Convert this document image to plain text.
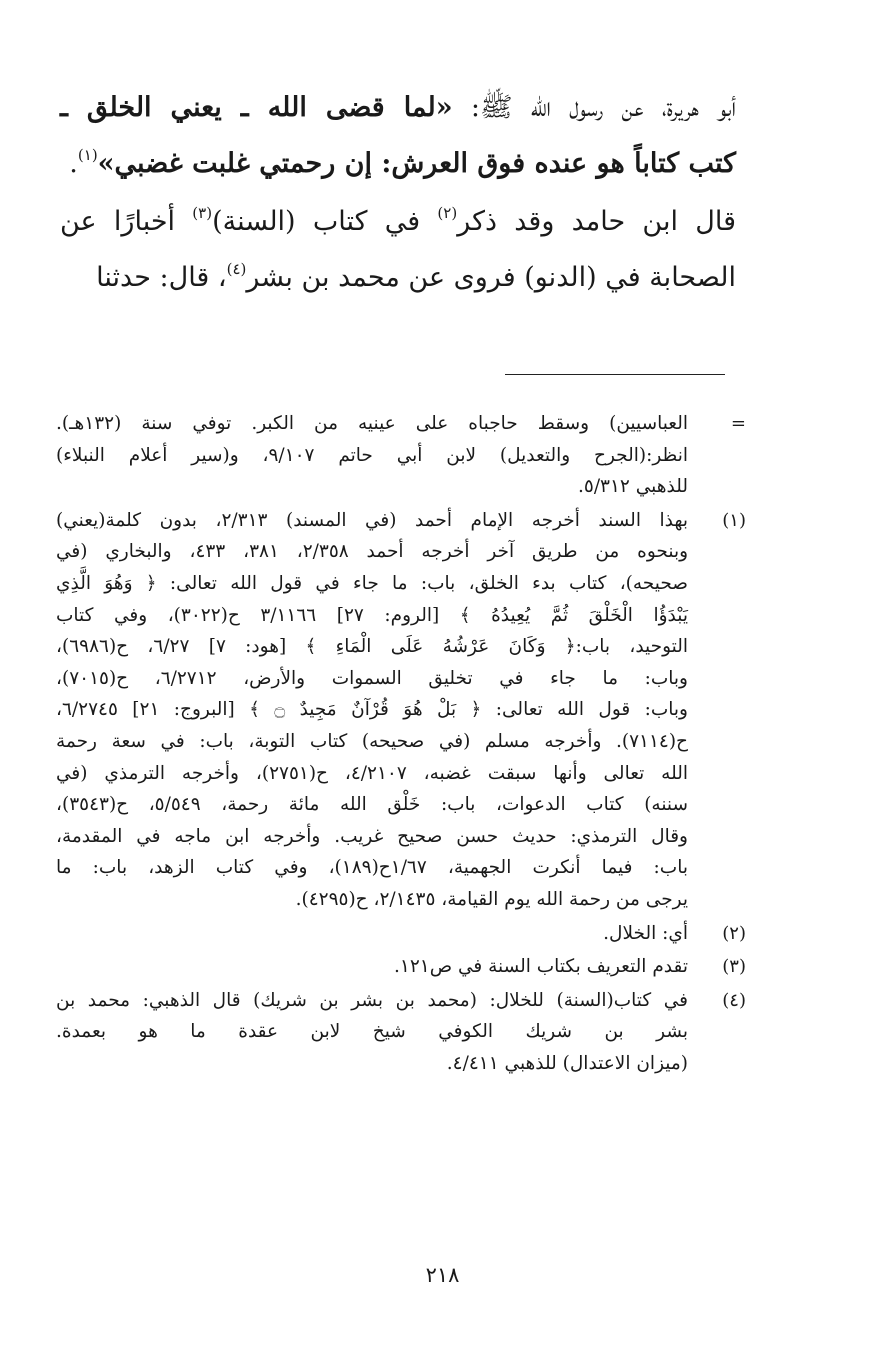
أبو هريرة، عن رسول الله ﷺ: «لما قضى الله ـ يعني الخلق ـ
كتب كتاباً هو عنده فوق العرش: إن رحمتي غلبت غضبي»$^{(١)}$.
قال ابن حامد وقد ذكر$^{(٢)}$ في كتاب (السنة)$^{(٣)}$ أخبارًا عن
الصحابة في (الدنو) فروى عن محمد بن بشر$^{(٤)}$، قال: حدثنا
=
العباسيين) وسقط حاجباه على عينيه من الكبر. توفي سنة (١٣٢هـ).
انظر:(الجرح والتعديل) لابن أبي حاتم ٩/١٠٧، و(سير أعلام النبلاء)
للذهبي ٥/٣١٢.
(١)
بهذا السند أخرجه الإمام أحمد (في المسند) ٢/٣١٣، بدون كلمة(يعني)
وبنحوه من طريق آخر أخرجه أحمد ٢/٣٥٨، ٣٨١، ٤٣٣، والبخاري (في
صحيحه)، كتاب بدء الخلق، باب: ما جاء في قول الله تعالى: ﴿ وَهُوَ الَّذِي
يَبْدَؤُا الْخَلْقَ ثُمَّ يُعِيدُهُ ﴾ [الروم: ٢٧] ٣/١١٦٦ ح(٣٠٢٢)، وفي كتاب
التوحيد، باب:﴿ وَكَانَ عَرْشُهُ عَلَى الْمَاءِ ﴾ [هود: ٧] ٦/٢٧، ح(٦٩٨٦)،
وباب: ما جاء في تخليق السموات والأرض، ٦/٢٧١٢، ح(٧٠١٥)،
وباب: قول الله تعالى: ﴿ بَلْ هُوَ قُرْآنٌ مَجِيدٌ ۝ ﴾ [البروج: ٢١] ٦/٢٧٤٥،
ح(٧١١٤). وأخرجه مسلم (في صحيحه) كتاب التوبة، باب: في سعة رحمة
الله تعالى وأنها سبقت غضبه، ٤/٢١٠٧، ح(٢٧٥١)، وأخرجه الترمذي (في
سننه) كتاب الدعوات، باب: خَلْق الله مائة رحمة، ٥/٥٤٩، ح(٣٥٤٣)،
وقال الترمذي: حديث حسن صحيح غريب. وأخرجه ابن ماجه في المقدمة،
باب: فيما أنكرت الجهمية، ١/٦٧ح(١٨٩)، وفي كتاب الزهد، باب: ما
يرجى من رحمة الله يوم القيامة، ٢/١٤٣٥، ح(٤٢٩٥).
(٢)
أي: الخلال.
(٣)
تقدم التعريف بكتاب السنة في ص١٢١.
(٤)
في كتاب(السنة) للخلال: (محمد بن بشر بن شريك) قال الذهبي: محمد بن
بشر بن شريك الكوفي شيخ لابن عقدة ما هو بعمدة.
(ميزان الاعتدال) للذهبي ٤/٤١١.
٢١٨
